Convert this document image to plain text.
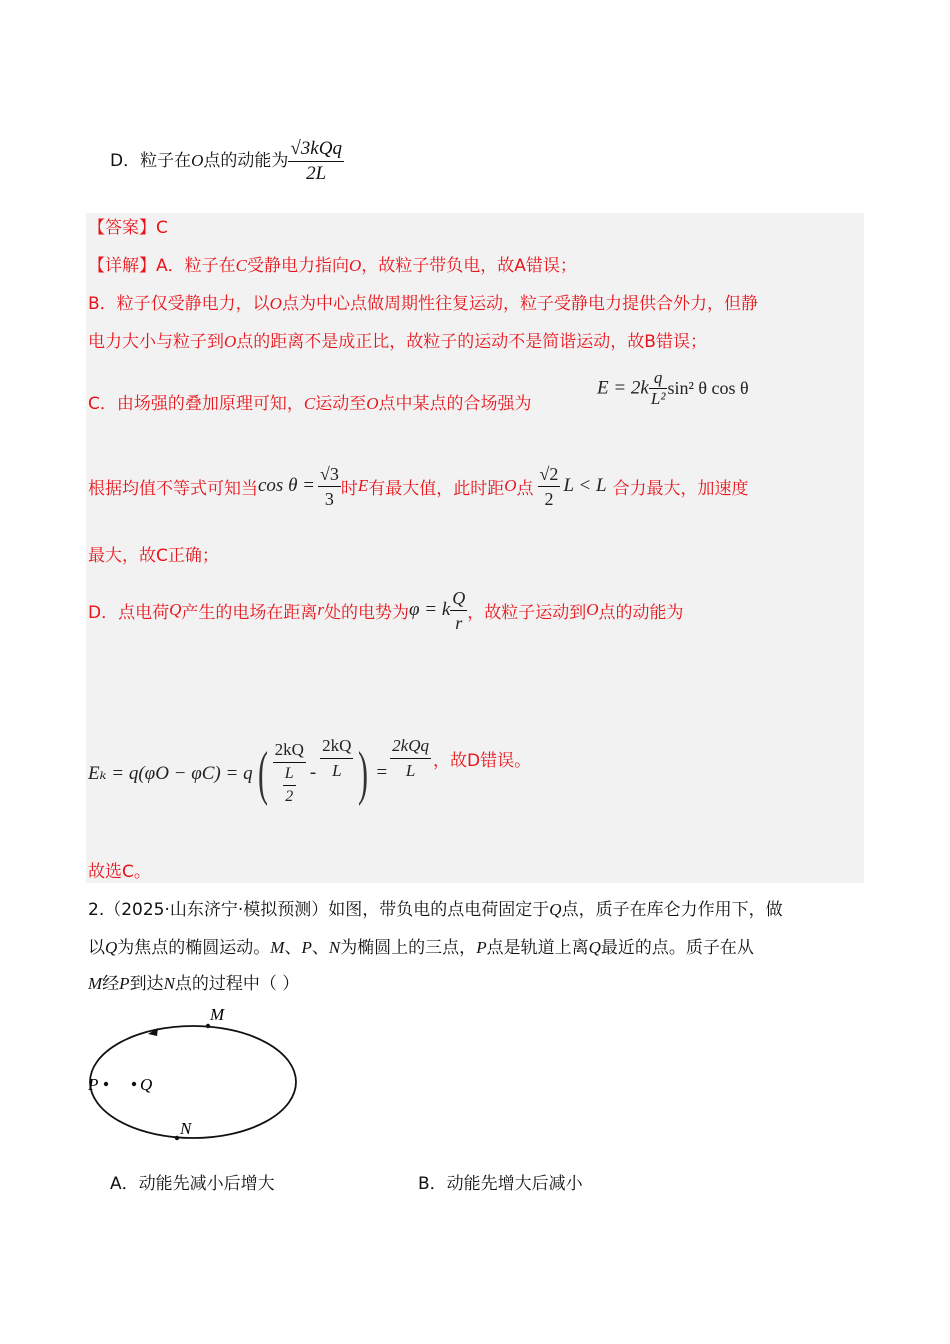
D．粒子在O点的动能为 $\frac{\text{√3kQq}}{2L}$
【答案】C
【详解】A．粒子在C受静电力指向O，故粒子带负电，故A错误；
B．粒子仅受静电力，以O点为中心点做周期性往复运动，粒子受静电力提供合外力，但静
电力大小与粒子到O点的距离不是成正比，故粒子的运动不是简谐运动，故B错误；
C．由场强的叠加原理可知，C运动至O点中某点的合场强为
$E = 2k \frac{q}{\text{L²}} \sin^2$ θ cos θ
根据均值不等式可知当 $\cos \theta = \frac{√3}{3}$ 时 E 有最大值，此时距 O 点 $\frac{√2}{2}$ L < L 合力最大，加速度
最大，故C正确；
D．点电荷 Q 产生的电场在距离 r 处的电势为 φ = k $\frac{Q}{r}$ ，故粒子运动到 O 点的动能为
Eₖ = q(φO − φC) = q ( $\frac{2kQ}{\frac{L}{2}} - \frac{2kQ}{L}$ ) = $\frac{\text{2kQq}}{L}$ ，故D错误。
故选C。
2.（2025·山东济宁·模拟预测）如图，带负电的点电荷固定于Q点，质子在库仑力作用下，做
以Q为焦点的椭圆运动。M、P、N为椭圆上的三点，P点是轨道上离Q最近的点。质子在从
M经P到达N点的过程中（ ）
M
P Q
N
A．动能先减小后增大	B．动能先增大后减小
